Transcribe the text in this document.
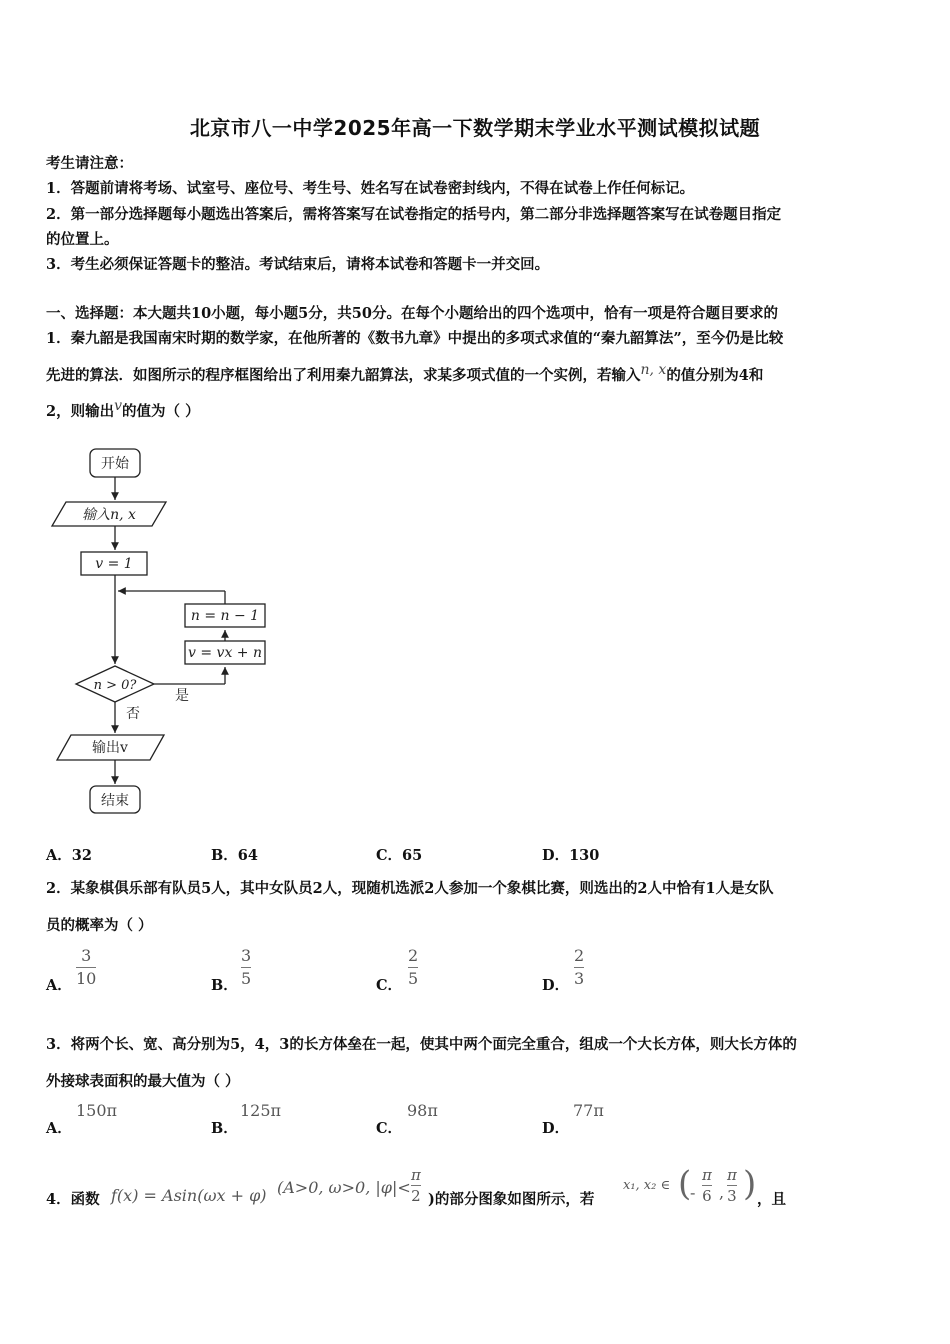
北京市八一中学2025年高一下数学期末学业水平测试模拟试题
考生请注意：
1．答题前请将考场、试室号、座位号、考生号、姓名写在试卷密封线内，不得在试卷上作任何标记。
2．第一部分选择题每小题选出答案后，需将答案写在试卷指定的括号内，第二部分非选择题答案写在试卷题目指定
的位置上。
3．考生必须保证答题卡的整洁。考试结束后，请将本试卷和答题卡一并交回。
一、选择题：本大题共10小题，每小题5分，共50分。在每个小题给出的四个选项中，恰有一项是符合题目要求的
1．秦九韶是我国南宋时期的数学家，在他所著的《数书九章》中提出的多项式求值的“秦九韶算法”，至今仍是比较
先进的算法．如图所示的程序框图给出了利用秦九韶算法，求某多项式值的一个实例，若输入n, x的值分别为4和
2，则输出v的值为（ ）
开始
输入n, x
v = 1
n = n − 1
v = vx + n
n > 0?
是
否
输出v
结束
A．32	B．64	C．65	D．130
2．某象棋俱乐部有队员5人，其中女队员2人，现随机选派2人参加一个象棋比赛，则选出的2人中恰有1人是女队
员的概率为（ ）
A．
3
10	B．
3
5	C．
2
5	D．
2
3
3．将两个长、宽、高分别为5，4，3的长方体垒在一起，使其中两个面完全重合，组成一个大长方体，则大长方体的
外接球表面积的最大值为（ ）
A．
150π
B．
125π
C．
98π
D．
77π
4．函数 f(x) = Asin(ωx + φ) (A>0, ω>0, |φ|<
π
2 )的部分图象如图所示，若
x₁, x₂ ∈ (
-
π
6 ,
π
3 ) ，且
